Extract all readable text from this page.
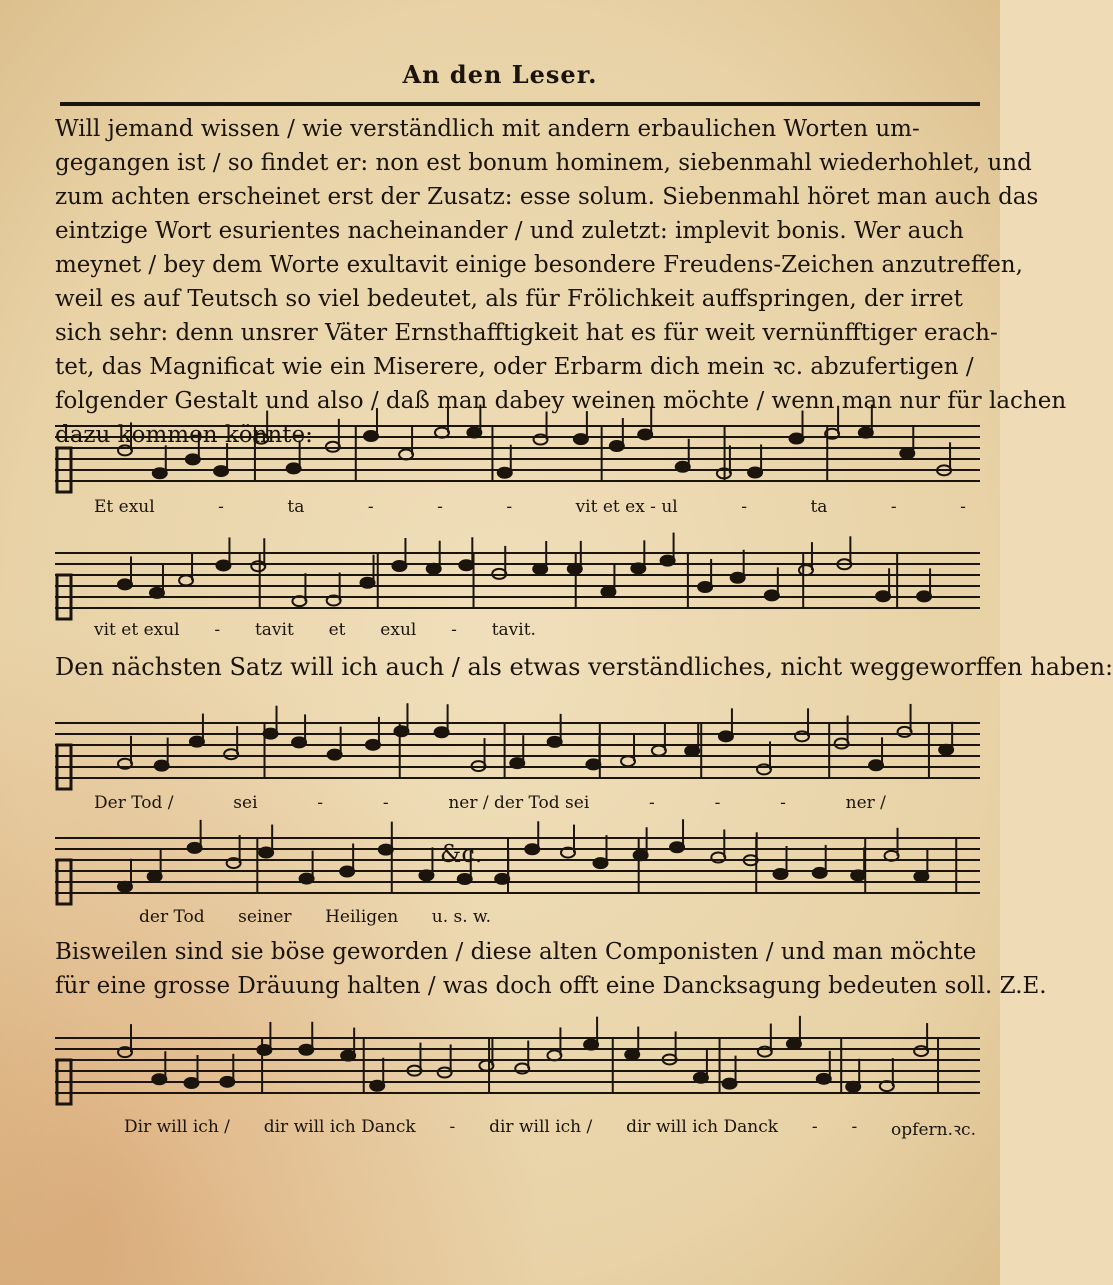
An den Leser.
Will jemand wissen / wie verständlich mit andern erbaulichen Worten um-
gegangen ist / so findet er: non est bonum hominem, siebenmahl wiederhohlet, und
zum achten erscheinet erst der Zusatz: esse solum. Siebenmahl höret man auch das
eintzige Wort esurientes nacheinander / und zuletzt: implevit bonis. Wer auch
meynet / bey dem Worte exultavit einige besondere Freudens-Zeichen anzutreffen,
weil es auf Teutsch so viel bedeutet, als für Frölichkeit auffspringen, der irret
sich sehr: denn unsrer Väter Ernsthafftigkeit hat es für weit vernünfftiger erach-
tet, das Magnificat wie ein Miserere, oder Erbarm dich mein ꝛc. abzufertigen /
folgender Gestalt und also / daß man dabey weinen möchte / wenn man nur für lachen
dazu kommen könnte:
Et exul	-	ta	-	-	-	vit et ex - ul	-	ta	-	-
vit et exul - tavit et exul - tavit.
Den nächsten Satz will ich auch / als etwas verständliches, nicht weggeworffen haben:
Der Tod /	sei	-	-	ner / der Tod sei	-	-	-	ner /
&c.
der Tod seiner Heiligen u. s. w.
Bisweilen sind sie böse geworden / diese alten Componisten / und man möchte
für eine grosse Dräuung halten / was doch offt eine Dancksagung bedeuten soll. Z.E.
Dir will ich / dir will ich Danck - dir will ich / dir will ich Danck - - opfern.ꝛc.
